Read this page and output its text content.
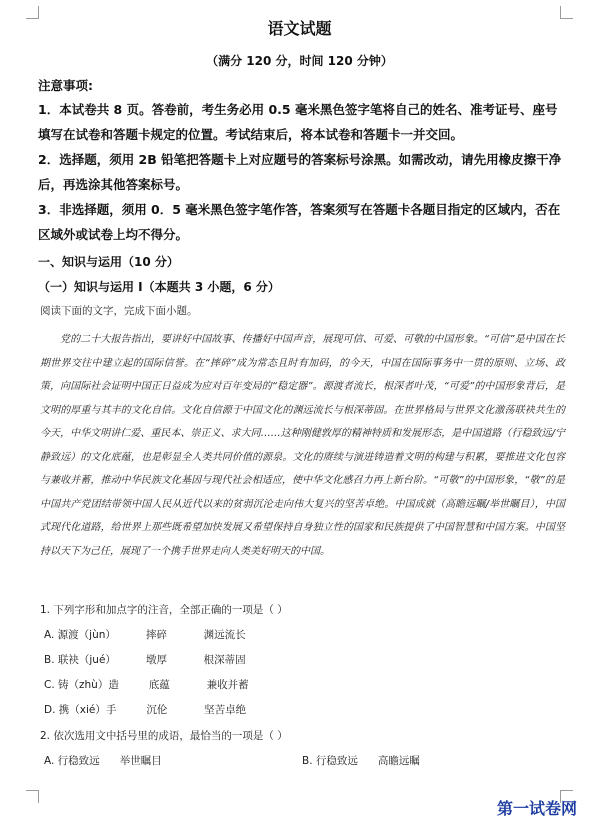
语文试题
（满分 120 分，时间 120 分钟）
注意事项:
1．本试卷共 8 页。答卷前，考生务必用 0.5 毫米黑色签字笔将自己的姓名、准考证号、座号填写在试卷和答题卡规定的位置。考试结束后，将本试卷和答题卡一并交回。
2．选择题，须用 2B 铅笔把答题卡上对应题号的答案标号涂黑。如需改动，请先用橡皮擦干净后，再选涂其他答案标号。
3．非选择题，须用 0．5 毫米黑色签字笔作答，答案须写在答题卡各题目指定的区域内，否在区域外或试卷上均不得分。
一、知识与运用（10 分）
（一）知识与运用 I（本题共 3 小题，6 分）
阅读下面的文字，完成下面小题。

党的二十大报告指出，要讲好中国故事、传播好中国声音，展现可信、可爱、可敬的中国形象。“可信”是中国在长期世界交往中建立起的国际信誉。在“摔碎”成为常态且时有加码，的今天，中国在国际事务中一贯的原则、立场、政策，向国际社会证明中国正日益成为应对百年变局的“稳定器”。源渡者流长，根深者叶茂，“可爱”的中国形象背后，是文明的厚重与其丰的文化自信。文化自信源于中国文化的渊远流长与根深蒂固。在世界格局与世界文化激荡联袂共生的今天，中华文明讲仁爱、重民本、崇正义、求大同……这种刚健敦厚的精神特质和发展形态，是中国道路（行稳致远/宁静致远）的文化底蕴，也是彰显全人类共同价值的源泉。文化的赓续与演进铸造着文明的构建与积累，要推进文化包容与兼收并蓄，推动中华民族文化基因与现代社会相适应，使中华文化感召力再上新台阶。“可敬”的中国形象，“敬”的是中国共产党团结带领中国人民从近代以来的贫弱沉沦走向伟大复兴的坚苦卓绝。中国成就（高瞻远瞩/举世瞩目），中国式现代化道路，给世界上那些既希望加快发展又希望保持自身独立性的国家和民族提供了中国智慧和中国方案。中国坚持以天下为己任，展现了一个携手世界走向人类美好明天的中国。

1. 下列字形和加点字的注音，全部正确的一项是（ ）
A. 源渡（jùn）         摔碎           渊远流长
B. 联袂（jué）         墩厚           根深蒂固
C. 铸（zhù）造         底蕴           兼收并蓄
D. 携（xié）手         沉伦           坚苦卓绝
2. 依次选用文中括号里的成语，最恰当的一项是（ ）
A. 行稳致远      举世瞩目	B. 行稳致远      高瞻远瞩
第一试卷网
